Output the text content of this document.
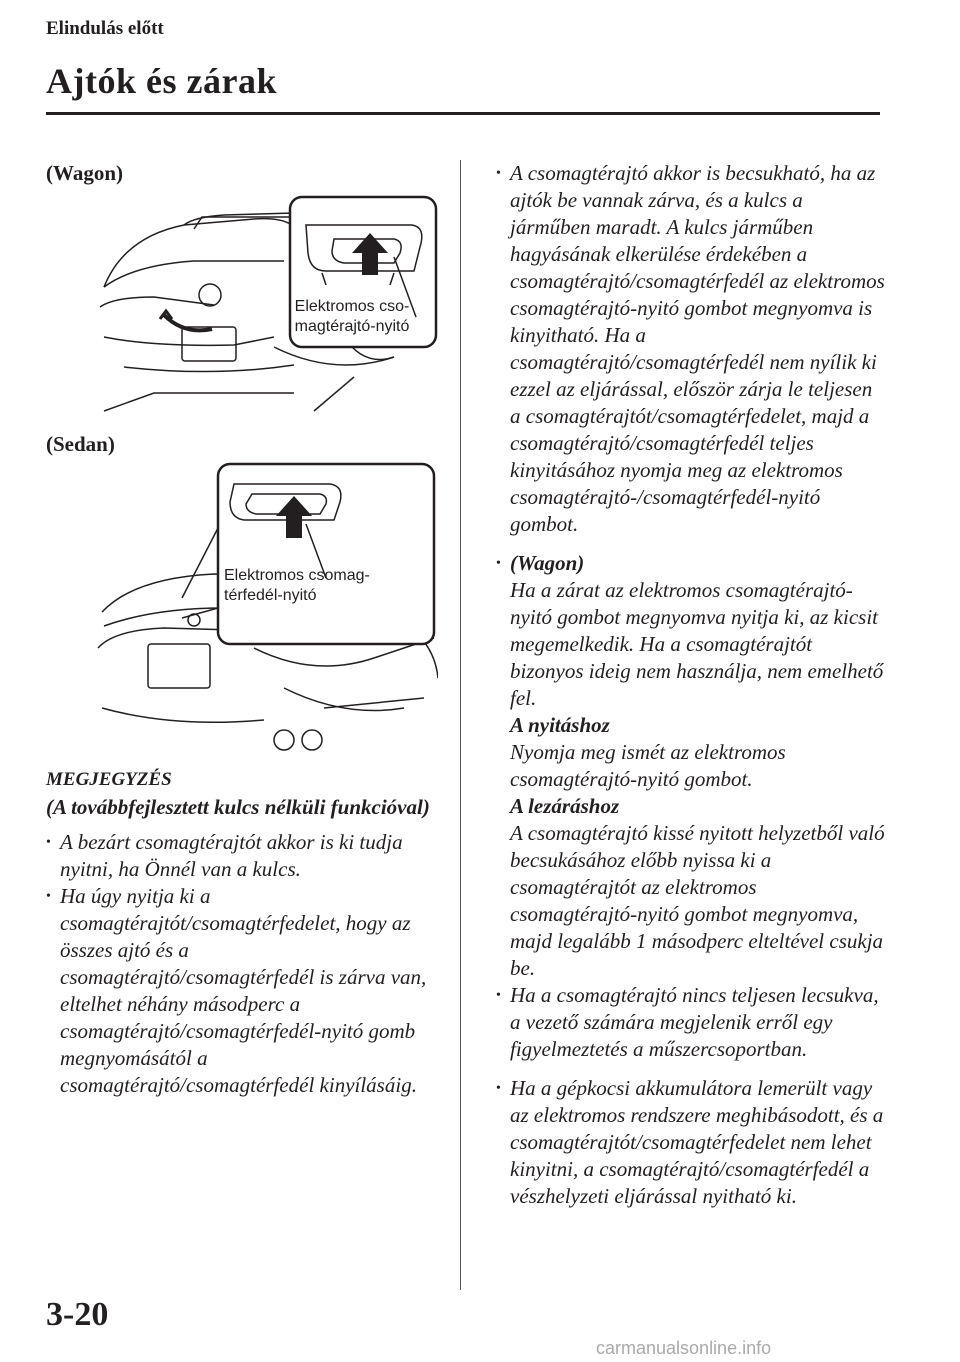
Elindulás előtt
Ajtók és zárak
(Wagon)
Elektromos cso-
magtérajtó-nyitó
(Sedan)
Elektromos csomag-
térfedél-nyitó
MEGJEGYZÉS
(A továbbfejlesztett kulcs nélküli funkcióval)
• A bezárt csomagtérajtót akkor is ki tudja nyitni, ha Önnél van a kulcs.
• Ha úgy nyitja ki a csomagtérajtót/csomagtérfedelet, hogy az összes ajtó és a csomagtérajtó/csomagtérfedél is zárva van, eltelhet néhány másodperc a csomagtérajtó/csomagtérfedél-nyitó gomb megnyomásától a csomagtérajtó/csomagtérfedél kinyílásáig.
• A csomagtérajtó akkor is becsukható, ha az ajtók be vannak zárva, és a kulcs a járműben maradt. A kulcs járműben hagyásának elkerülése érdekében a csomagtérajtó/csomagtérfedél az elektromos csomagtérajtó-nyitó gombot megnyomva is kinyitható. Ha a csomagtérajtó/csomagtérfedél nem nyílik ki ezzel az eljárással, először zárja le teljesen a csomagtérajtót/csomagtérfedelet, majd a csomagtérajtó/csomagtérfedél teljes kinyitásához nyomja meg az elektromos csomagtérajtó-/csomagtérfedél-nyitó gombot.
• (Wagon)
Ha a zárat az elektromos csomagtérajtó-nyitó gombot megnyomva nyitja ki, az kicsit megemelkedik. Ha a csomagtérajtót bizonyos ideig nem használja, nem emelhető fel.
A nyitáshoz
Nyomja meg ismét az elektromos csomagtérajtó-nyitó gombot.
A lezáráshoz
A csomagtérajtó kissé nyitott helyzetből való becsukásához előbb nyissa ki a csomagtérajtót az elektromos csomagtérajtó-nyitó gombot megnyomva, majd legalább 1 másodperc elteltével csukja be.
• Ha a csomagtérajtó nincs teljesen lecsukva, a vezető számára megjelenik erről egy figyelmeztetés a műszercsoportban.
• Ha a gépkocsi akkumulátora lemerült vagy az elektromos rendszere meghibásodott, és a csomagtérajtót/csomagtérfedelet nem lehet kinyitni, a csomagtérajtó/csomagtérfedél a vészhelyzeti eljárással nyitható ki.
3-20
carmanualsonline.info
